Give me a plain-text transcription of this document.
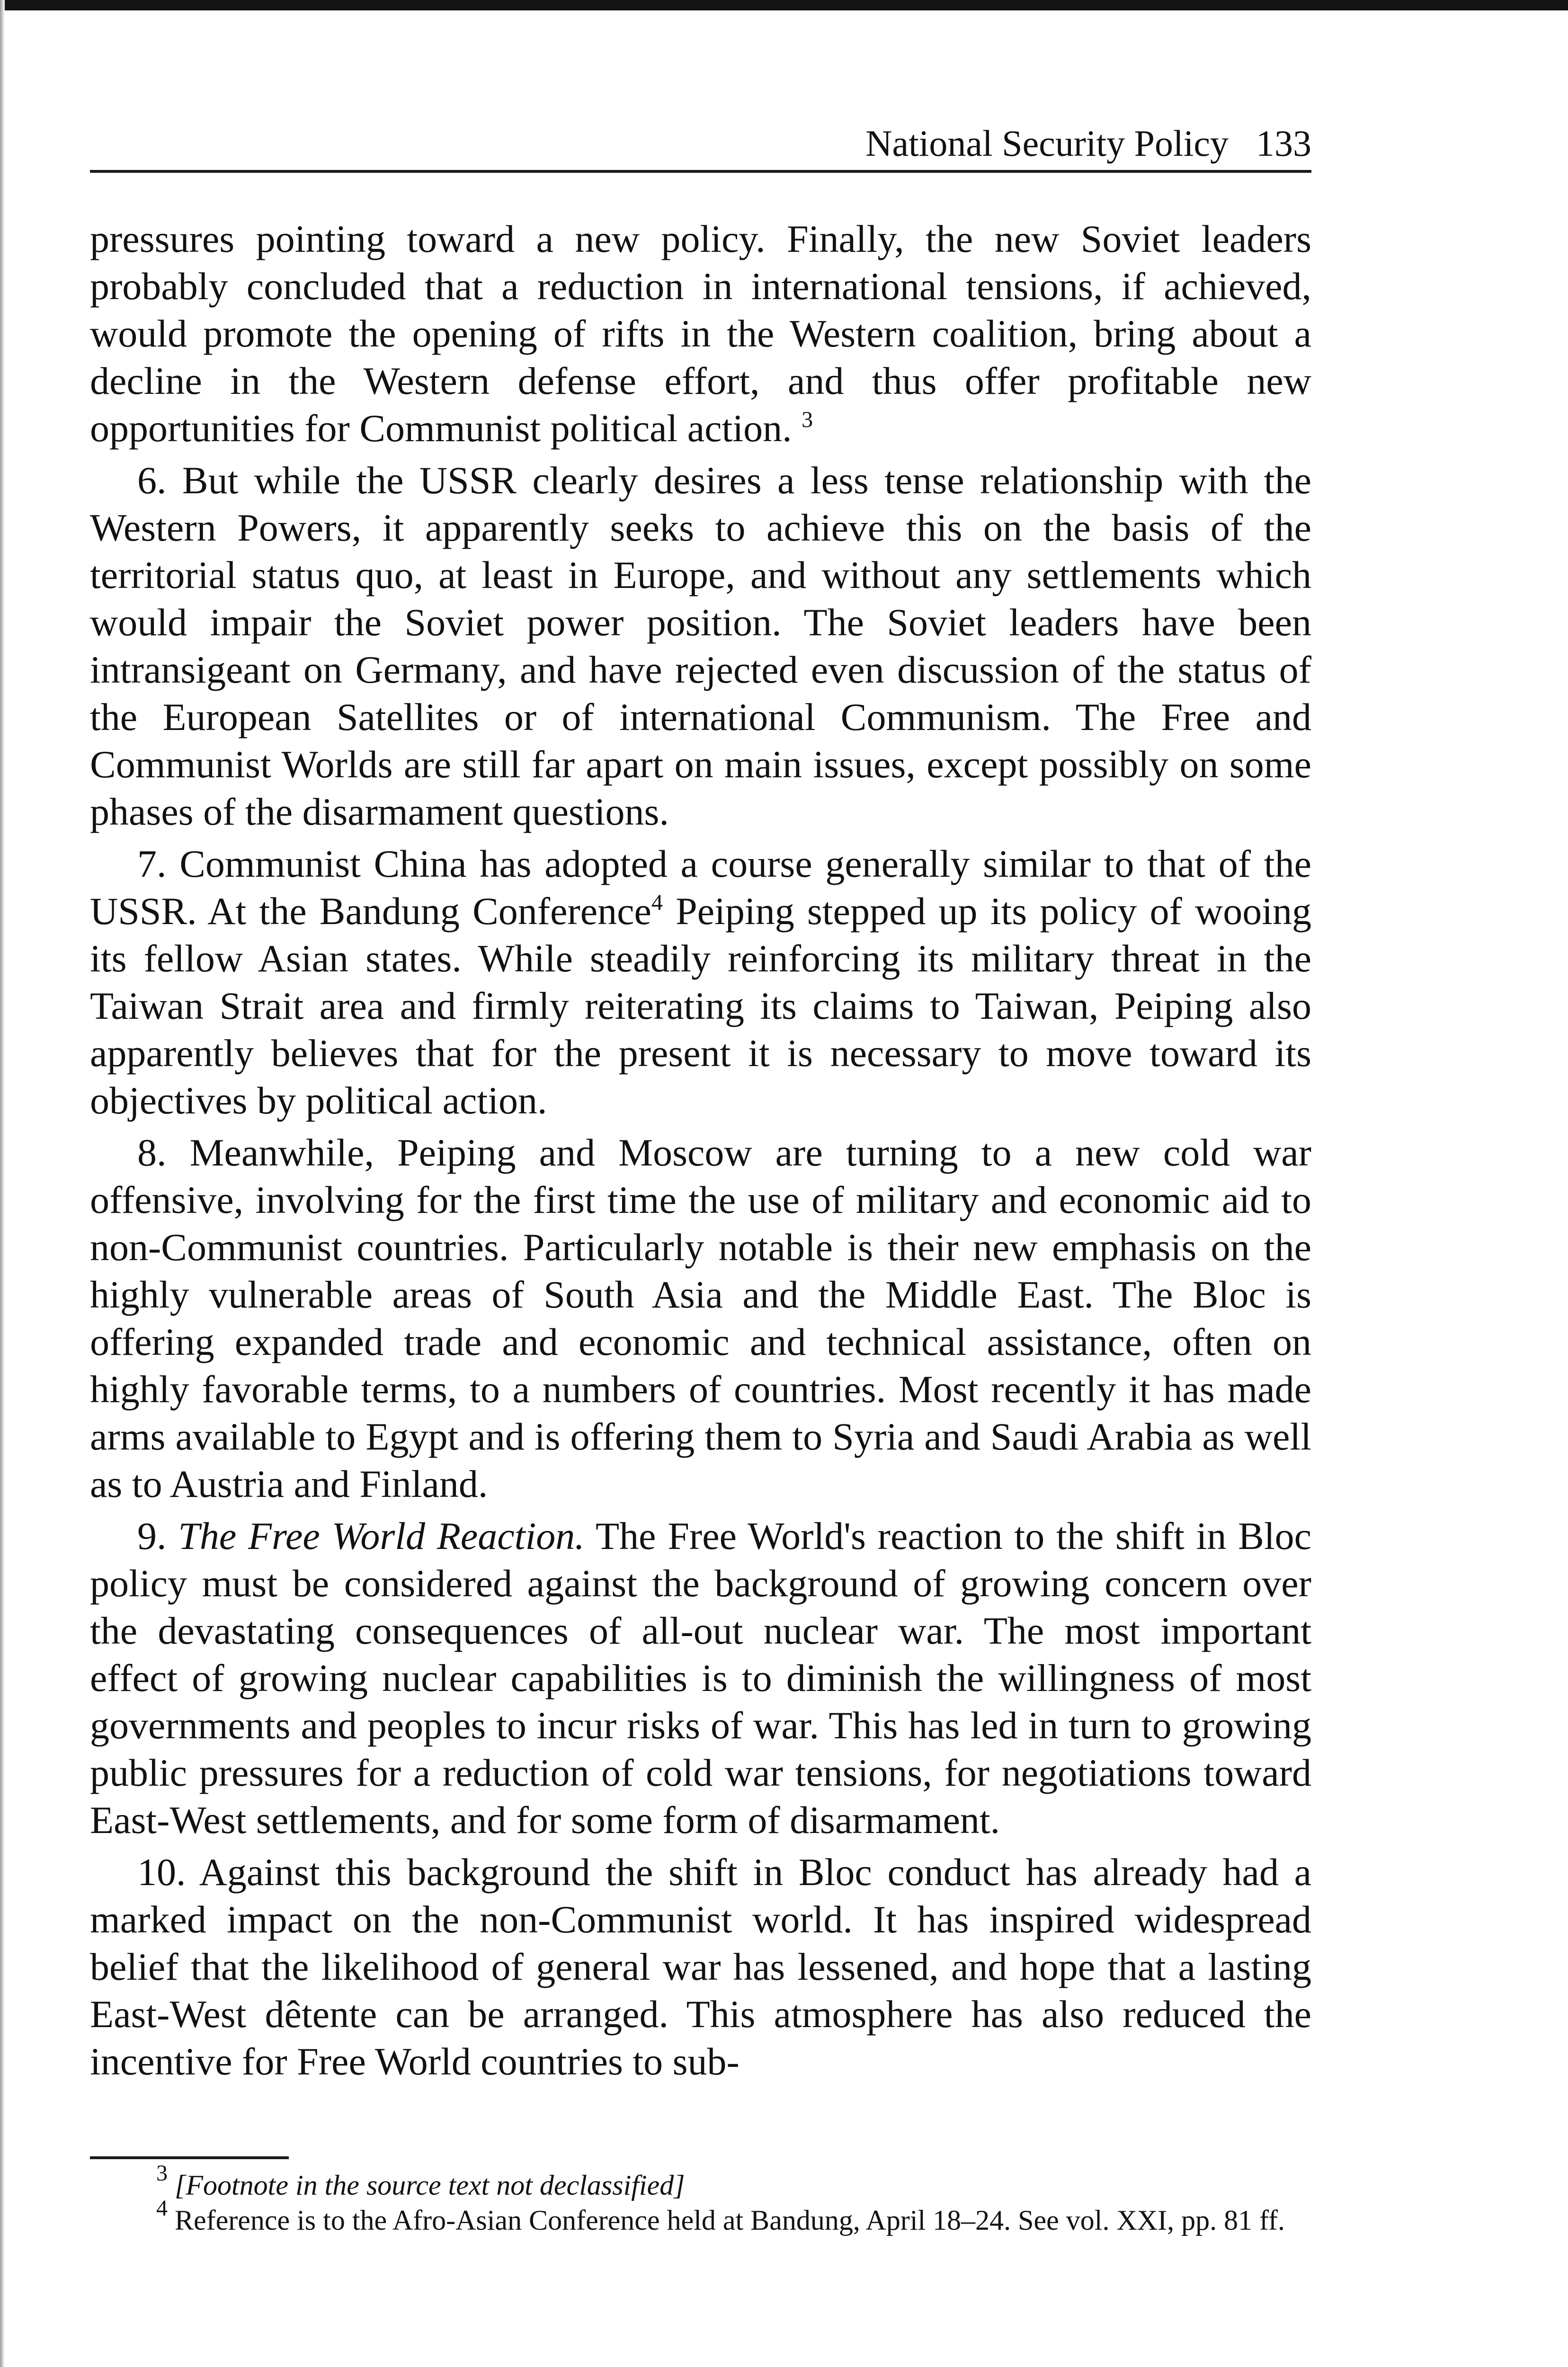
National Security Policy 133

pressures pointing toward a new policy. Finally, the new Soviet leaders probably concluded that a reduction in international tensions, if achieved, would promote the opening of rifts in the Western coalition, bring about a decline in the Western defense effort, and thus offer profitable new opportunities for Communist political action. $^3$

6. But while the USSR clearly desires a less tense relationship with the Western Powers, it apparently seeks to achieve this on the basis of the territorial status quo, at least in Europe, and without any settlements which would impair the Soviet power position. The Soviet leaders have been intransigeant on Germany, and have rejected even discussion of the status of the European Satellites or of international Communism. The Free and Communist Worlds are still far apart on main issues, except possibly on some phases of the disarmament questions.

7. Communist China has adopted a course generally similar to that of the USSR. At the Bandung Conference$^4$ Peiping stepped up its policy of wooing its fellow Asian states. While steadily reinforcing its military threat in the Taiwan Strait area and firmly reiterating its claims to Taiwan, Peiping also apparently believes that for the present it is necessary to move toward its objectives by political action.

8. Meanwhile, Peiping and Moscow are turning to a new cold war offensive, involving for the first time the use of military and economic aid to non-Communist countries. Particularly notable is their new emphasis on the highly vulnerable areas of South Asia and the Middle East. The Bloc is offering expanded trade and economic and technical assistance, often on highly favorable terms, to a numbers of countries. Most recently it has made arms available to Egypt and is offering them to Syria and Saudi Arabia as well as to Austria and Finland.

9. The Free World Reaction. The Free World's reaction to the shift in Bloc policy must be considered against the background of growing concern over the devastating consequences of all-out nuclear war. The most important effect of growing nuclear capabilities is to diminish the willingness of most governments and peoples to incur risks of war. This has led in turn to growing public pressures for a reduction of cold war tensions, for negotiations toward East-West settlements, and for some form of disarmament.

10. Against this background the shift in Bloc conduct has already had a marked impact on the non-Communist world. It has inspired widespread belief that the likelihood of general war has lessened, and hope that a lasting East-West dêtente can be arranged. This atmosphere has also reduced the incentive for Free World countries to sub-

$^3$ [Footnote in the source text not declassified]

$^4$ Reference is to the Afro-Asian Conference held at Bandung, April 18–24. See vol. XXI, pp. 81 ff.
